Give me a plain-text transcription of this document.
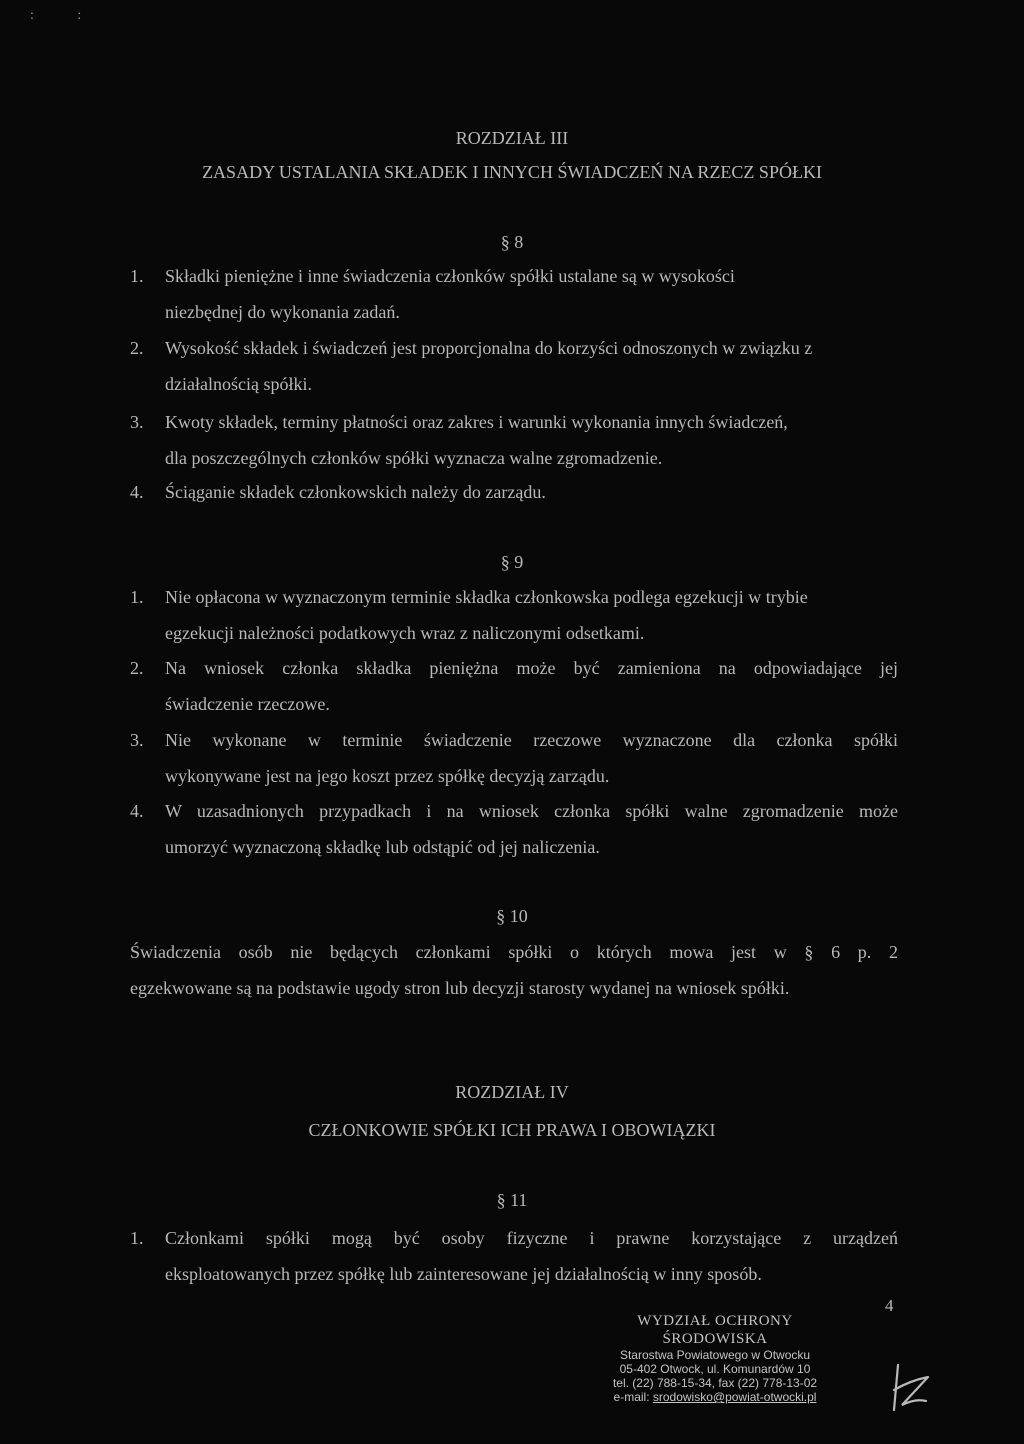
: :
ROZDZIAŁ III
ZASADY USTALANIA SKŁADEK I INNYCH ŚWIADCZEŃ NA RZECZ SPÓŁKI
§ 8
1. Składki pieniężne i inne świadczenia członków spółki ustalane są w wysokości
niezbędnej do wykonania zadań.
2. Wysokość składek i świadczeń jest proporcjonalna do korzyści odnoszonych w związku z
działalnością spółki.
3. Kwoty składek, terminy płatności oraz zakres i warunki wykonania innych świadczeń,
dla poszczególnych członków spółki wyznacza walne zgromadzenie.
4. Ściąganie składek członkowskich należy do zarządu.
§ 9
1. Nie opłacona w wyznaczonym terminie składka członkowska podlega egzekucji w trybie
egzekucji należności podatkowych wraz z naliczonymi odsetkami.
2. Na wniosek członka składka pieniężna może być zamieniona na odpowiadające jej
świadczenie rzeczowe.
3. Nie wykonane w terminie świadczenie rzeczowe wyznaczone dla członka spółki
wykonywane jest na jego koszt przez spółkę decyzją zarządu.
4. W uzasadnionych przypadkach i na wniosek członka spółki walne zgromadzenie może
umorzyć wyznaczoną składkę lub odstąpić od jej naliczenia.
§ 10
Świadczenia osób nie będących członkami spółki o których mowa jest w § 6 p. 2
egzekwowane są na podstawie ugody stron lub decyzji starosty wydanej na wniosek spółki.
ROZDZIAŁ IV
CZŁONKOWIE SPÓŁKI ICH PRAWA I OBOWIĄZKI
§ 11
1. Członkami spółki mogą być osoby fizyczne i prawne korzystające z urządzeń
eksploatowanych przez spółkę lub zainteresowane jej działalnością w inny sposób.
4
WYDZIAŁ OCHRONY
ŚRODOWISKA
Starostwa Powiatowego w Otwocku
05-402 Otwock, ul. Komunardów 10
tel. (22) 788-15-34, fax (22) 778-13-02
e-mail: srodowisko@powiat-otwocki.pl
